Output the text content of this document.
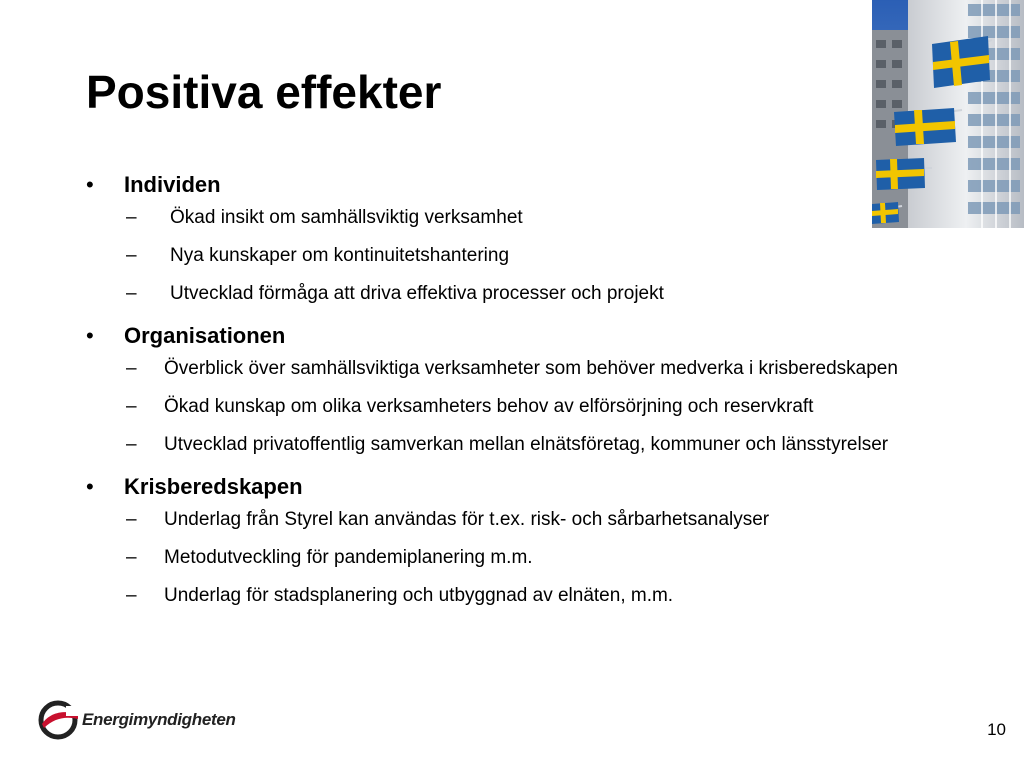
Positiva effekter
• Individen
– Ökad insikt om samhällsviktig verksamhet
– Nya kunskaper om kontinuitetshantering
– Utvecklad förmåga att driva effektiva processer och projekt
• Organisationen
– Överblick över samhällsviktiga verksamheter som behöver medverka i krisberedskapen
– Ökad kunskap om olika verksamheters behov av elförsörjning och reservkraft
– Utvecklad privatoffentlig samverkan mellan elnätsföretag, kommuner och länsstyrelser
• Krisberedskapen
– Underlag från Styrel kan användas för t.ex. risk- och sårbarhetsanalyser
– Metodutveckling för pandemiplanering m.m.
– Underlag för stadsplanering och utbyggnad av elnäten, m.m.
Energimyndigheten
10
